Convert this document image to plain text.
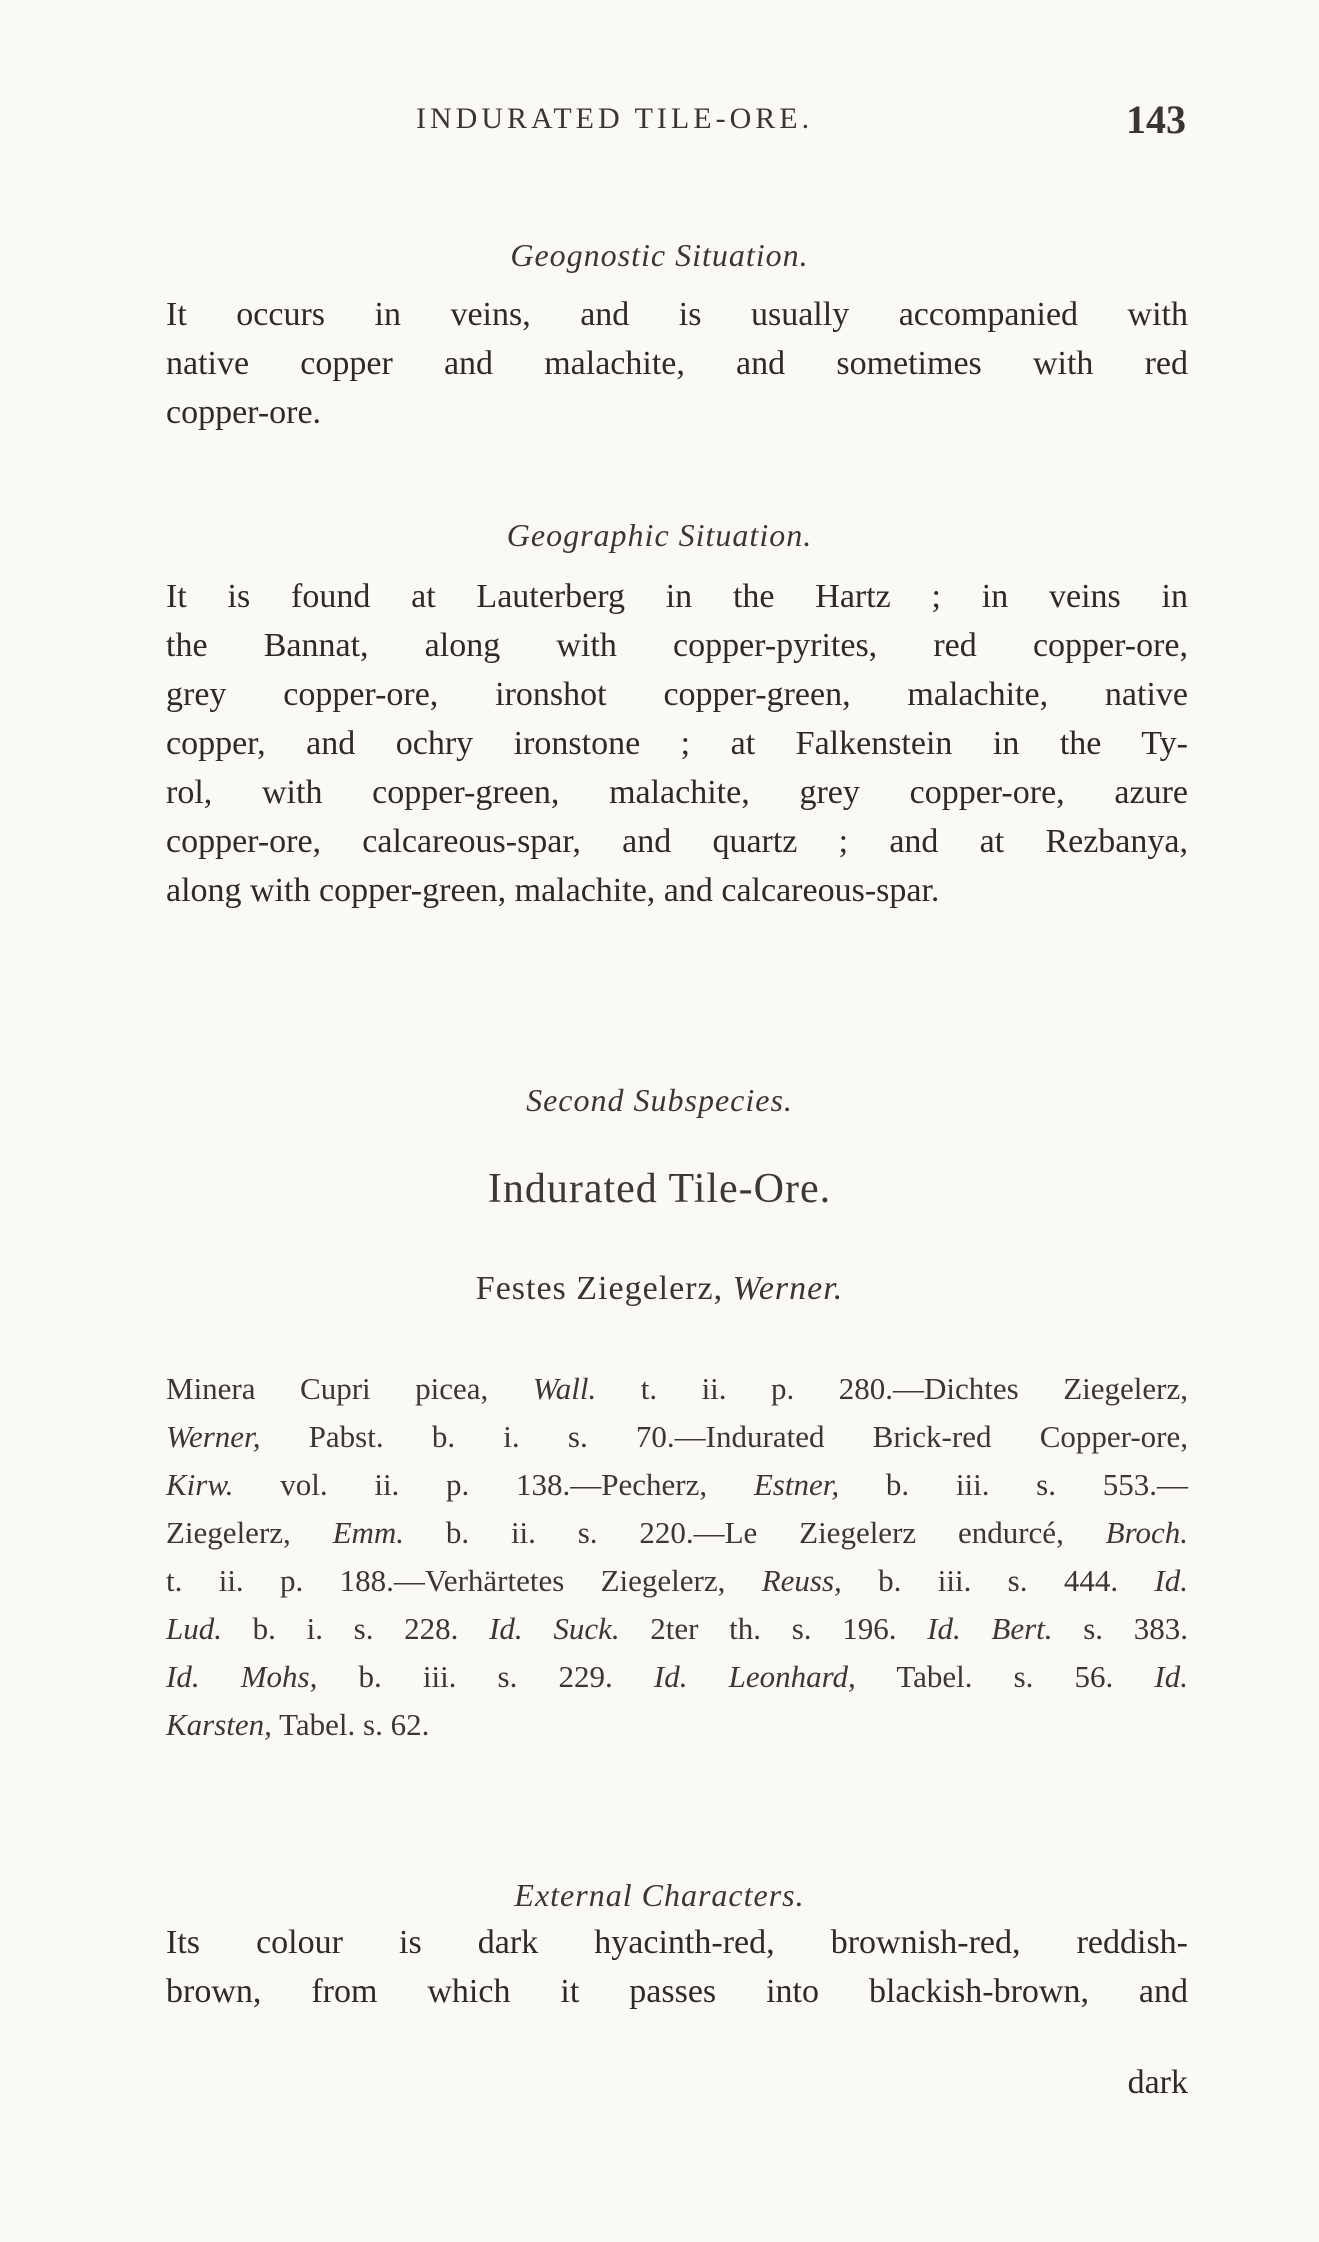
INDURATED TILE-ORE.	143
Geognostic Situation.
It occurs in veins, and is usually accompanied with
native copper and malachite, and sometimes with red
copper-ore.
Geographic Situation.
It is found at Lauterberg in the Hartz ; in veins in
the Bannat, along with copper-pyrites, red copper-ore,
grey copper-ore, ironshot copper-green, malachite, native
copper, and ochry ironstone ; at Falkenstein in the Ty-
rol, with copper-green, malachite, grey copper-ore, azure
copper-ore, calcareous-spar, and quartz ; and at Rezbanya,
along with copper-green, malachite, and calcareous-spar.
Second Subspecies.
Indurated Tile-Ore.
Festes Ziegelerz, Werner.
Minera Cupri picea, Wall. t. ii. p. 280.—Dichtes Ziegelerz,
Werner, Pabst. b. i. s. 70.—Indurated Brick-red Copper-ore,
Kirw. vol. ii. p. 138.—Pecherz, Estner, b. iii. s. 553.—
Ziegelerz, Emm. b. ii. s. 220.—Le Ziegelerz endurcé, Broch.
t. ii. p. 188.—Verhärtetes Ziegelerz, Reuss, b. iii. s. 444. Id.
Lud. b. i. s. 228. Id. Suck. 2ter th. s. 196. Id. Bert. s. 383.
Id. Mohs, b. iii. s. 229. Id. Leonhard, Tabel. s. 56. Id.
Karsten, Tabel. s. 62.
External Characters.
Its colour is dark hyacinth-red, brownish-red, reddish-
brown, from which it passes into blackish-brown, and
dark
